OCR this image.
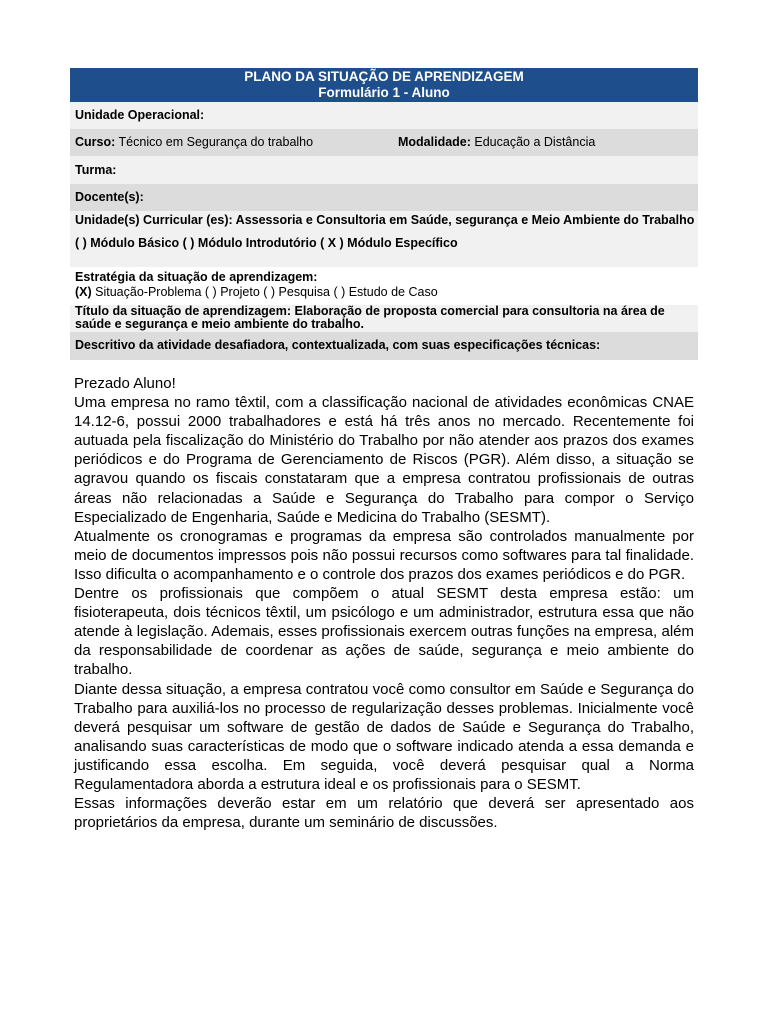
PLANO DA SITUAÇÃO DE APRENDIZAGEM
Formulário 1 - Aluno
Unidade Operacional:
Curso: Técnico em Segurança do trabalho	Modalidade: Educação a Distância
Turma:
Docente(s):
Unidade(s) Curricular (es): Assessoria e Consultoria em Saúde, segurança e Meio Ambiente do Trabalho
( ) Módulo Básico ( ) Módulo Introdutório ( X ) Módulo Específico
Estratégia da situação de aprendizagem:
(X) Situação-Problema ( ) Projeto ( ) Pesquisa ( ) Estudo de Caso
Título da situação de aprendizagem: Elaboração de proposta comercial para consultoria na área de saúde e segurança e meio ambiente do trabalho.
Descritivo da atividade desafiadora, contextualizada, com suas especificações técnicas:

Prezado Aluno!

Uma empresa no ramo têxtil, com a classificação nacional de atividades econômicas CNAE 14.12-6, possui 2000 trabalhadores e está há três anos no mercado. Recentemente foi autuada pela fiscalização do Ministério do Trabalho por não atender aos prazos dos exames periódicos e do Programa de Gerenciamento de Riscos (PGR). Além disso, a situação se agravou quando os fiscais constataram que a empresa contratou profissionais de outras áreas não relacionadas a Saúde e Segurança do Trabalho para compor o Serviço Especializado de Engenharia, Saúde e Medicina do Trabalho (SESMT).

Atualmente os cronogramas e programas da empresa são controlados manualmente por meio de documentos impressos pois não possui recursos como softwares para tal finalidade. Isso dificulta o acompanhamento e o controle dos prazos dos exames periódicos e do PGR.

Dentre os profissionais que compõem o atual SESMT desta empresa estão: um fisioterapeuta, dois técnicos têxtil, um psicólogo e um administrador, estrutura essa que não atende à legislação. Ademais, esses profissionais exercem outras funções na empresa, além da responsabilidade de coordenar as ações de saúde, segurança e meio ambiente do trabalho.

Diante dessa situação, a empresa contratou você como consultor em Saúde e Segurança do Trabalho para auxiliá-los no processo de regularização desses problemas. Inicialmente você deverá pesquisar um software de gestão de dados de Saúde e Segurança do Trabalho, analisando suas características de modo que o software indicado atenda a essa demanda e justificando essa escolha. Em seguida, você deverá pesquisar qual a Norma Regulamentadora aborda a estrutura ideal e os profissionais para o SESMT.

Essas informações deverão estar em um relatório que deverá ser apresentado aos proprietários da empresa, durante um seminário de discussões.
